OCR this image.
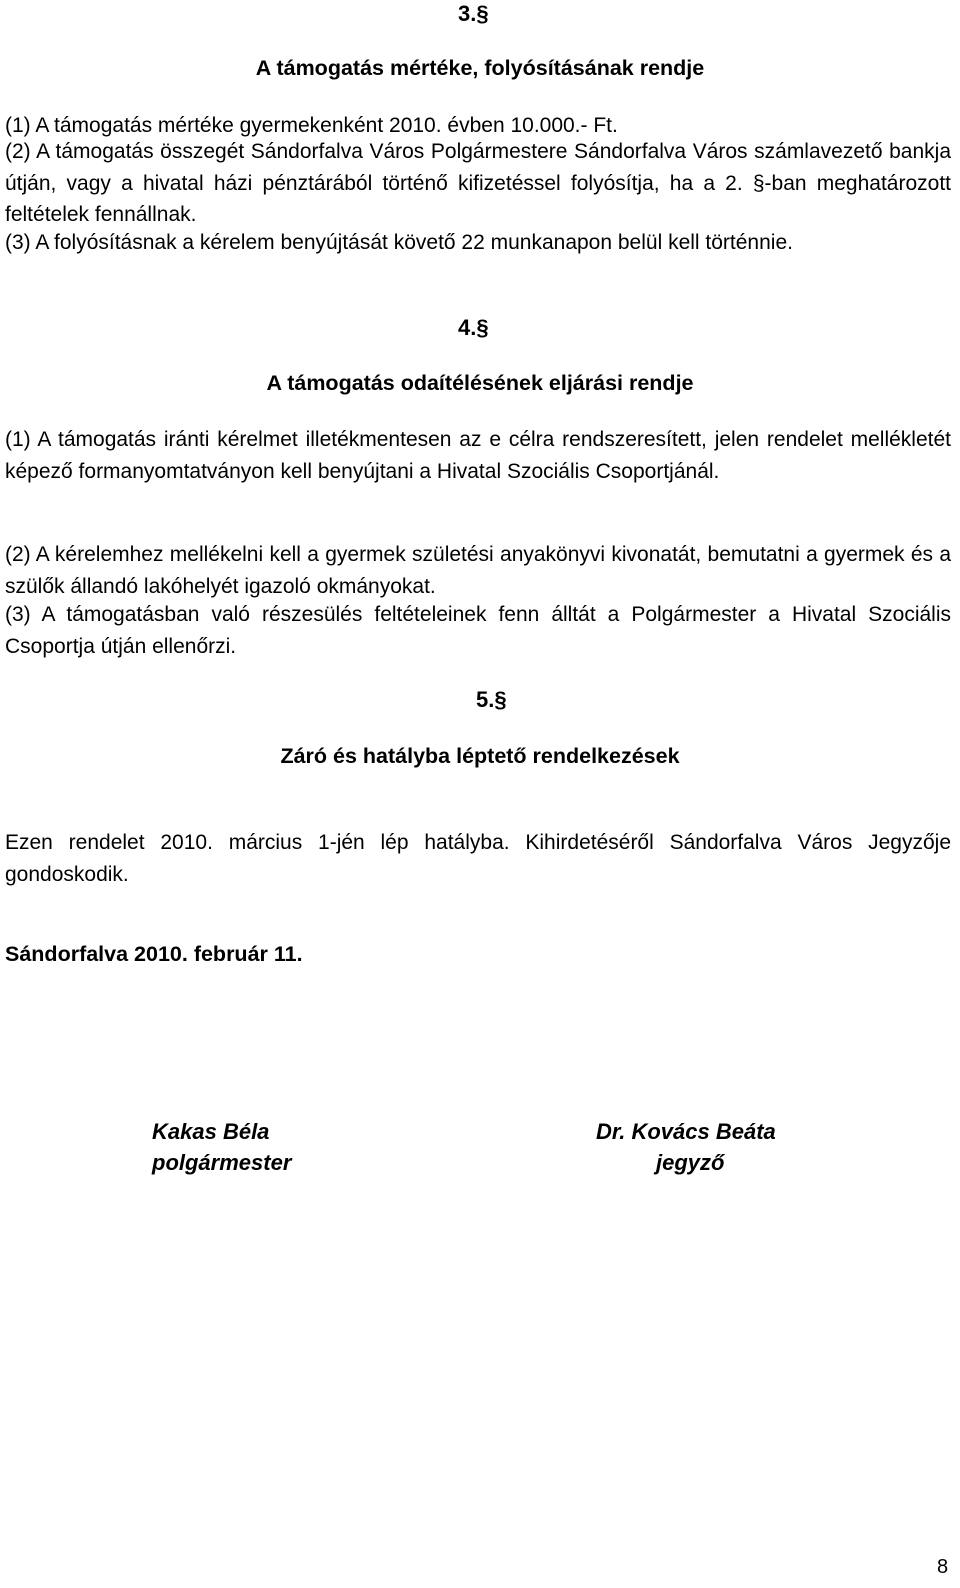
3.§
A támogatás mértéke, folyósításának rendje

(1) A támogatás mértéke gyermekenként 2010. évben 10.000.- Ft.

(2) A támogatás összegét Sándorfalva Város Polgármestere Sándorfalva Város számlavezető bankja útján, vagy a hivatal házi pénztárából történő kifizetéssel folyósítja, ha a 2. §-ban meghatározott feltételek fennállnak.

(3) A folyósításnak a kérelem benyújtását követő 22 munkanapon belül kell történnie.

4.§
A támogatás odaítélésének eljárási rendje

(1) A támogatás iránti kérelmet illetékmentesen az e célra rendszeresített, jelen rendelet mellékletét képező formanyomtatványon kell benyújtani a Hivatal Szociális Csoportjánál.

(2) A kérelemhez mellékelni kell a gyermek születési anyakönyvi kivonatát, bemutatni a gyermek és a szülők állandó lakóhelyét igazoló okmányokat.

(3) A támogatásban való részesülés feltételeinek fenn álltát a Polgármester a Hivatal Szociális Csoportja útján ellenőrzi.

5.§
Záró és hatályba léptető rendelkezések

Ezen rendelet 2010. március 1-jén lép hatályba. Kihirdetéséről Sándorfalva Város Jegyzője gondoskodik.

Sándorfalva 2010. február 11.
Kakas Béla
polgármester
Dr. Kovács Beáta
jegyző
8
